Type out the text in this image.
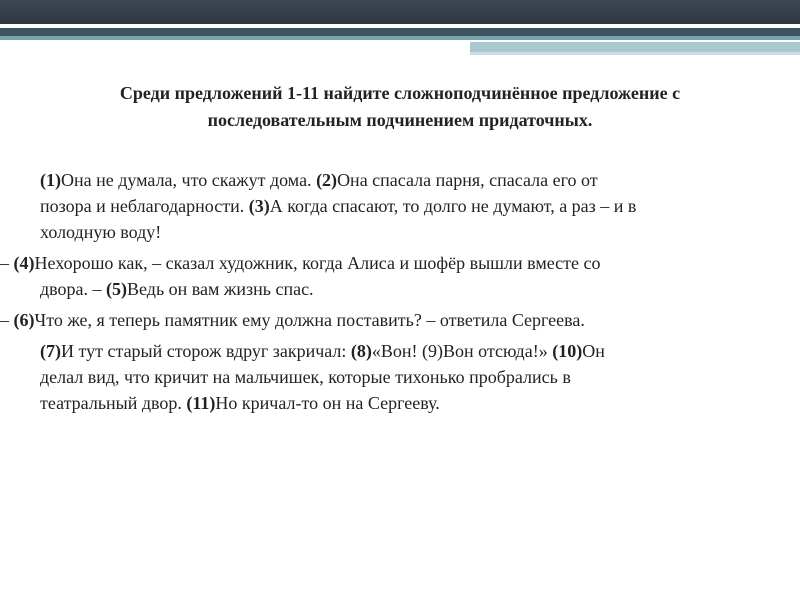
Среди предложений 1-11 найдите сложноподчинённое предложение с
последовательным подчинением придаточных.
(1)Она не думала, что скажут дома. (2)Она спасала парня, спасала его от
позора и неблагодарности. (3)А когда спасают, то долго не думают, а раз – и в
холодную воду!
– (4)Нехорошо как, – сказал художник, когда Алиса и шофёр вышли вместе со
двора. – (5)Ведь он вам жизнь спас.
– (6)Что же, я теперь памятник ему должна поставить? – ответила Сергеева.
(7)И тут старый сторож вдруг закричал: (8)«Вон! (9)Вон отсюда!» (10)Он
делал вид, что кричит на мальчишек, которые тихонько пробрались в
театральный двор. (11)Но кричал-то он на Сергееву.
